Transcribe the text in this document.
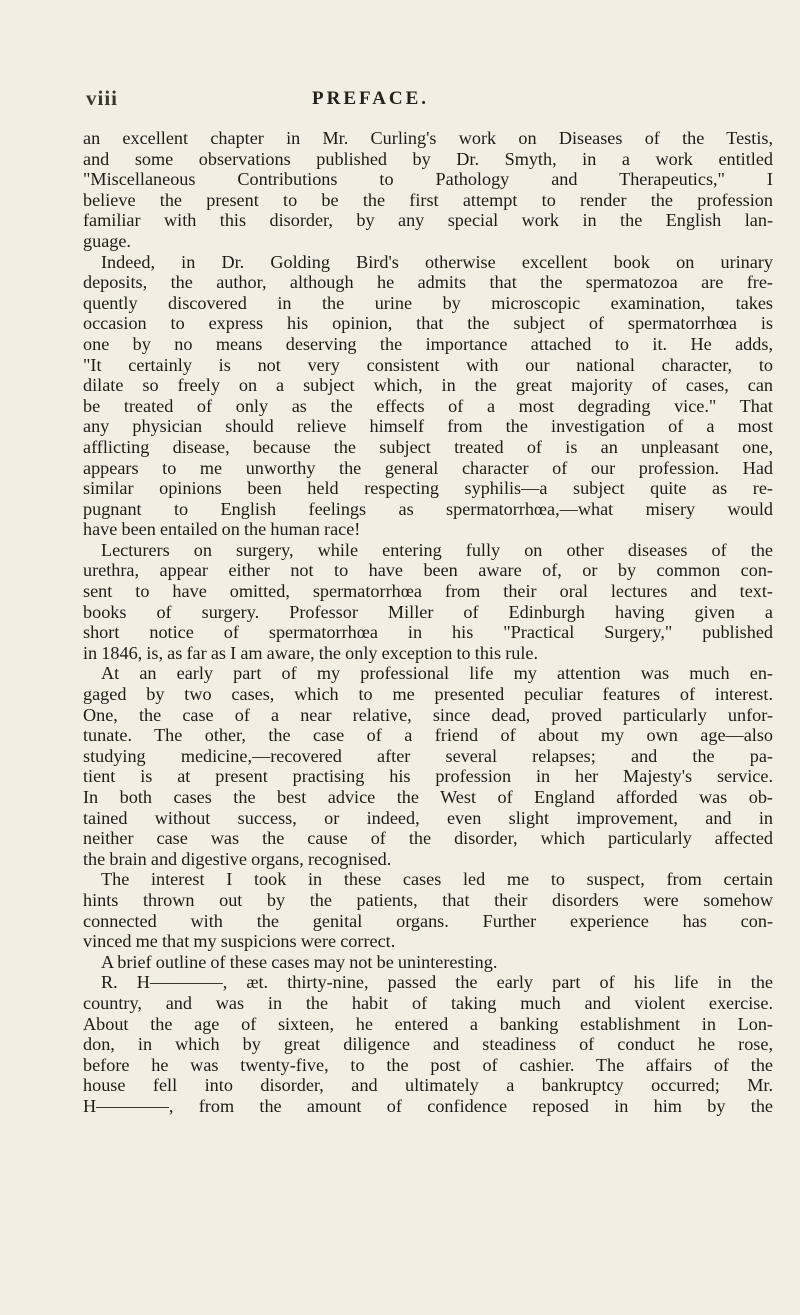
viii	PREFACE.
an excellent chapter in Mr. Curling's work on Diseases of the Testis,
and some observations published by Dr. Smyth, in a work entitled
"Miscellaneous Contributions to Pathology and Therapeutics," I
believe the present to be the first attempt to render the profession
familiar with this disorder, by any special work in the English lan-
guage.
Indeed, in Dr. Golding Bird's otherwise excellent book on urinary
deposits, the author, although he admits that the spermatozoa are fre-
quently discovered in the urine by microscopic examination, takes
occasion to express his opinion, that the subject of spermatorrhœa is
one by no means deserving the importance attached to it. He adds,
"It certainly is not very consistent with our national character, to
dilate so freely on a subject which, in the great majority of cases, can
be treated of only as the effects of a most degrading vice." That
any physician should relieve himself from the investigation of a most
afflicting disease, because the subject treated of is an unpleasant one,
appears to me unworthy the general character of our profession. Had
similar opinions been held respecting syphilis—a subject quite as re-
pugnant to English feelings as spermatorrhœa,—what misery would
have been entailed on the human race!
Lecturers on surgery, while entering fully on other diseases of the
urethra, appear either not to have been aware of, or by common con-
sent to have omitted, spermatorrhœa from their oral lectures and text-
books of surgery. Professor Miller of Edinburgh having given a
short notice of spermatorrhœa in his "Practical Surgery," published
in 1846, is, as far as I am aware, the only exception to this rule.
At an early part of my professional life my attention was much en-
gaged by two cases, which to me presented peculiar features of interest.
One, the case of a near relative, since dead, proved particularly unfor-
tunate. The other, the case of a friend of about my own age—also
studying medicine,—recovered after several relapses; and the pa-
tient is at present practising his profession in her Majesty's service.
In both cases the best advice the West of England afforded was ob-
tained without success, or indeed, even slight improvement, and in
neither case was the cause of the disorder, which particularly affected
the brain and digestive organs, recognised.
The interest I took in these cases led me to suspect, from certain
hints thrown out by the patients, that their disorders were somehow
connected with the genital organs. Further experience has con-
vinced me that my suspicions were correct.
A brief outline of these cases may not be uninteresting.
R. H————, æt. thirty-nine, passed the early part of his life in the
country, and was in the habit of taking much and violent exercise.
About the age of sixteen, he entered a banking establishment in Lon-
don, in which by great diligence and steadiness of conduct he rose,
before he was twenty-five, to the post of cashier. The affairs of the
house fell into disorder, and ultimately a bankruptcy occurred; Mr.
H————, from the amount of confidence reposed in him by the
